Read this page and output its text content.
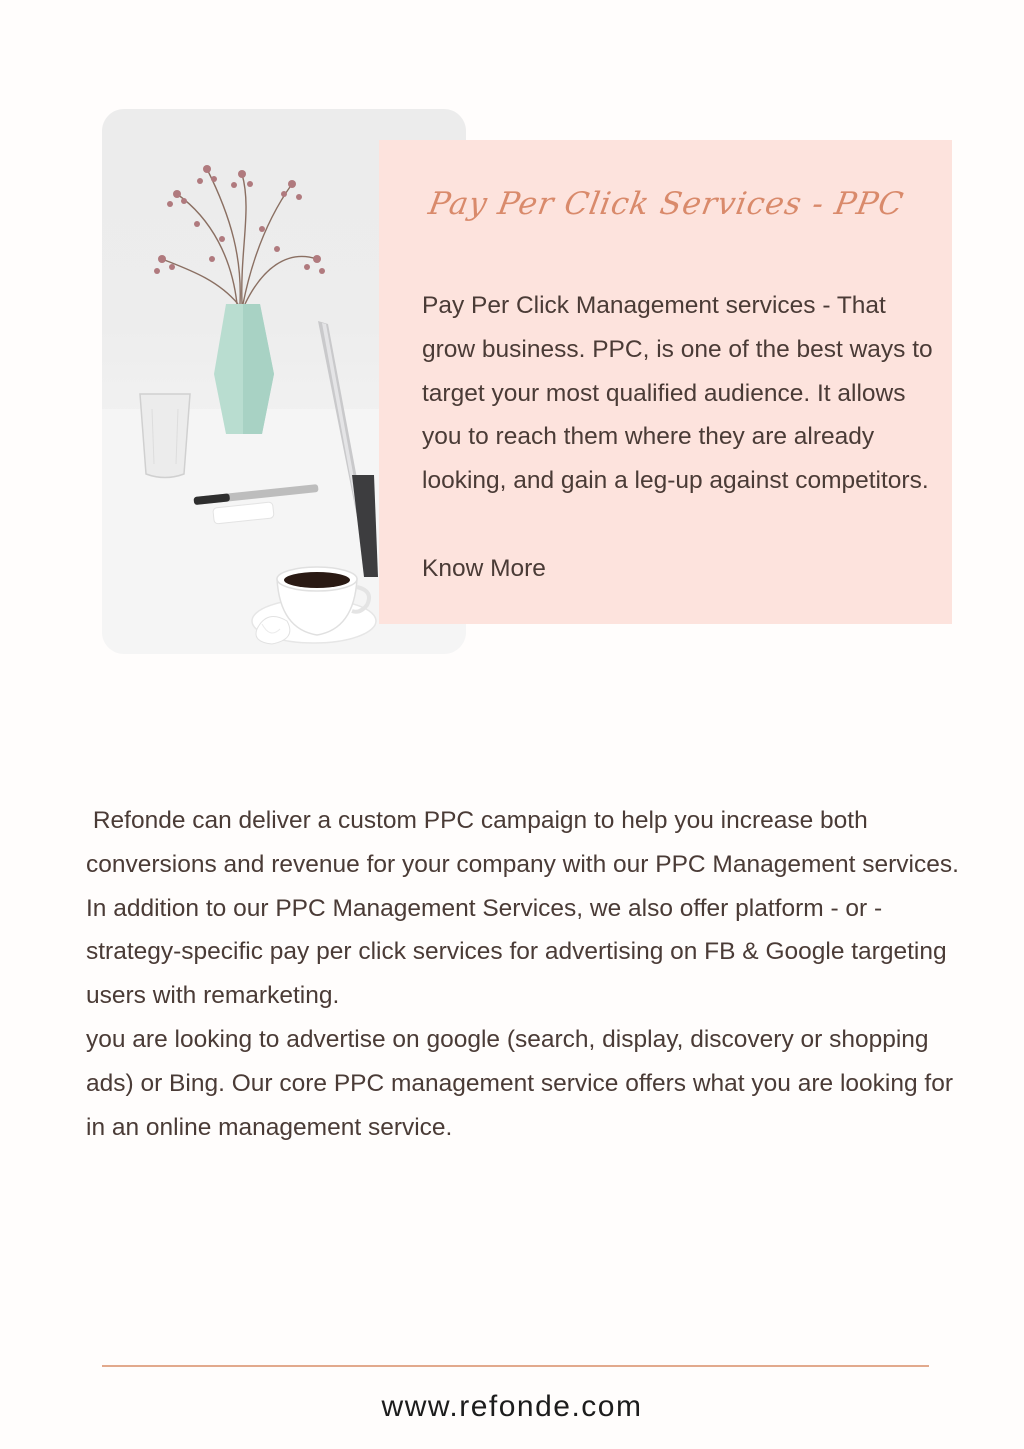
Pay Per Click Services - PPC

Pay Per Click Management services - That grow business. PPC, is one of the best ways to target your most qualified audience. It allows you to reach them where they are already looking, and gain a leg-up against competitors.

Know More

Refonde can deliver a custom PPC campaign to help you increase both conversions and revenue for your company with our PPC Management services. In addition to our PPC Management Services, we also offer platform - or - strategy-specific pay per click services for advertising on FB & Google targeting users with remarketing.

you are looking to advertise on google (search, display, discovery or shopping ads) or Bing. Our core PPC management service offers what you are looking for in an online management service.

www.refonde.com
